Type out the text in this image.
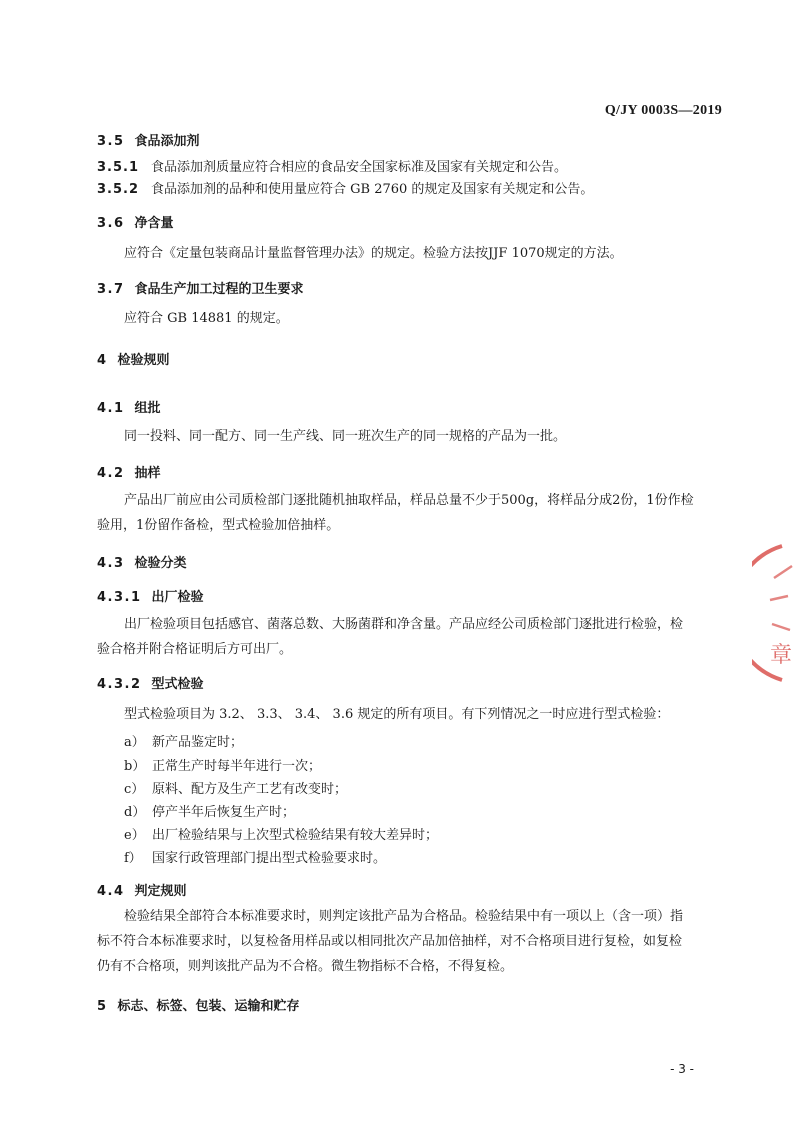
Q/JY 0003S—2019
3.5 食品添加剂
3.5.1 食品添加剂质量应符合相应的食品安全国家标准及国家有关规定和公告。
3.5.2 食品添加剂的品种和使用量应符合 GB 2760 的规定及国家有关规定和公告。
3.6 净含量
应符合《定量包装商品计量监督管理办法》的规定。检验方法按JJF 1070规定的方法。
3.7 食品生产加工过程的卫生要求
应符合 GB 14881 的规定。
4 检验规则
4.1 组批
同一投料、同一配方、同一生产线、同一班次生产的同一规格的产品为一批。
4.2 抽样
产品出厂前应由公司质检部门逐批随机抽取样品，样品总量不少于500g，将样品分成2份，1份作检
验用，1份留作备检，型式检验加倍抽样。
4.3 检验分类
4.3.1 出厂检验
出厂检验项目包括感官、菌落总数、大肠菌群和净含量。产品应经公司质检部门逐批进行检验，检
验合格并附合格证明后方可出厂。
4.3.2 型式检验
型式检验项目为 3.2、 3.3、 3.4、 3.6 规定的所有项目。有下列情况之一时应进行型式检验：
a） 新产品鉴定时；
b） 正常生产时每半年进行一次；
c） 原料、配方及生产工艺有改变时；
d） 停产半年后恢复生产时；
e） 出厂检验结果与上次型式检验结果有较大差异时；
f） 国家行政管理部门提出型式检验要求时。
4.4 判定规则
检验结果全部符合本标准要求时，则判定该批产品为合格品。检验结果中有一项以上（含一项）指
标不符合本标准要求时，以复检备用样品或以相同批次产品加倍抽样，对不合格项目进行复检，如复检
仍有不合格项，则判该批产品为不合格。微生物指标不合格，不得复检。
5 标志、标签、包装、运输和贮存
章
- 3 -
